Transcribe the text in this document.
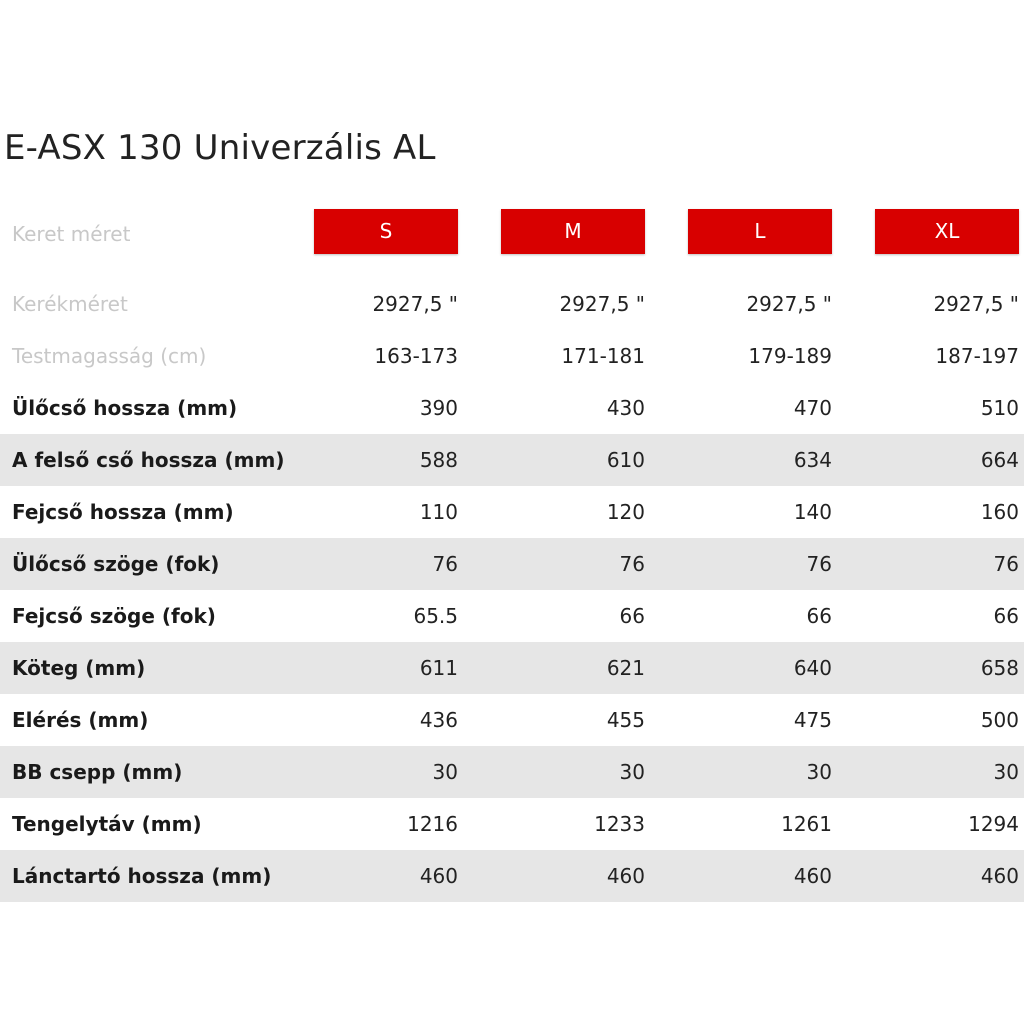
E-ASX 130 Univerzális AL
Keret méret	S	M	L	XL
Kerékméret	2927,5 "	2927,5 "	2927,5 "	2927,5 "
Testmagasság (cm)	163-173	171-181	179-189	187-197
Ülőcső hossza (mm)	390	430	470	510
A felső cső hossza (mm)	588	610	634	664
Fejcső hossza (mm)	110	120	140	160
Ülőcső szöge (fok)	76	76	76	76
Fejcső szöge (fok)	65.5	66	66	66
Köteg (mm)	611	621	640	658
Elérés (mm)	436	455	475	500
BB csepp (mm)	30	30	30	30
Tengelytáv (mm)	1216	1233	1261	1294
Lánctartó hossza (mm)	460	460	460	460
